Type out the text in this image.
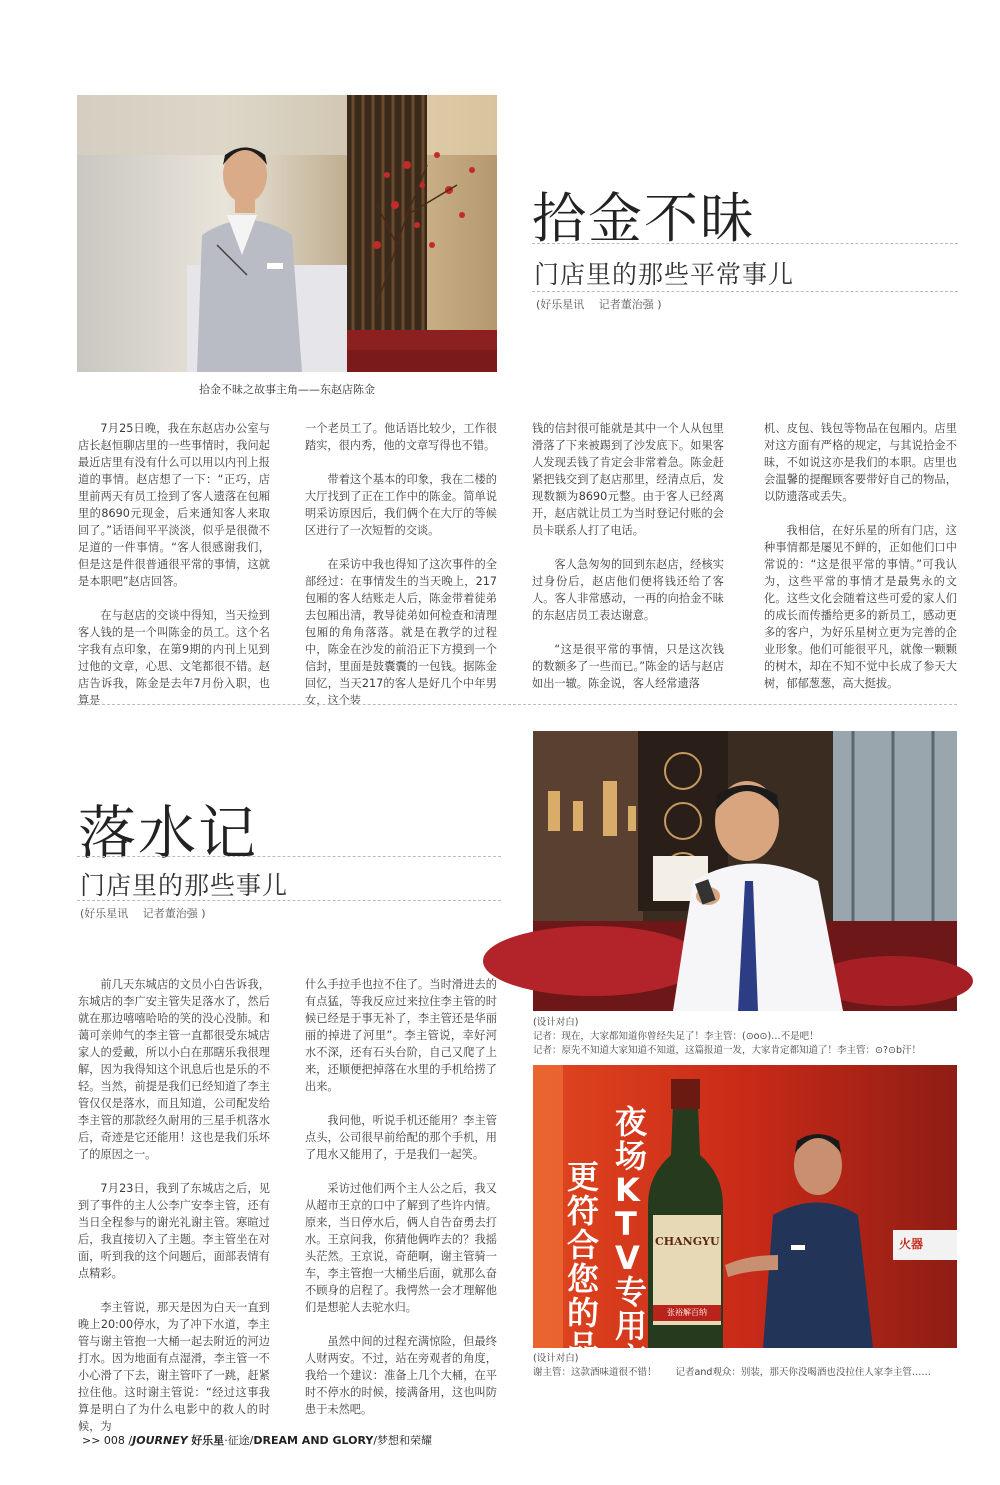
拾金不昧之故事主角——东赵店陈金
拾金不昧
门店里的那些平常事儿
(好乐星讯　 记者董治强 )

7月25日晚，我在东赵店办公室与店长赵恒聊店里的一些事情时，我问起最近店里有没有什么可以用以内刊上报道的事情。赵店想了一下：“正巧，店里前两天有员工捡到了客人遗落在包厢里的8690元现金，后来通知客人来取回了。”话语间平平淡淡，似乎是很微不足道的一件事情。“客人很感谢我们，但是这是件很普通很平常的事情，这就是本职吧”赵店回答。

在与赵店的交谈中得知，当天捡到客人钱的是一个叫陈金的员工。这个名字我有点印象，在第9期的内刊上见到过他的文章，心思、文笔都很不错。赵店告诉我，陈金是去年7月份入职，也算是

一个老员工了。他话语比较少，工作很踏实，很内秀，他的文章写得也不错。

带着这个基本的印象，我在二楼的大厅找到了正在工作中的陈金。简单说明采访原因后，我们俩个在大厅的等候区进行了一次短暂的交谈。

在采访中我也得知了这次事件的全部经过：在事情发生的当天晚上，217包厢的客人结账走人后，陈金带着徒弟去包厢出清，教导徒弟如何检查和清理包厢的角角落落。就是在教学的过程中，陈金在沙发的前沿正下方摸到一个信封，里面是鼓囊囊的一包钱。据陈金回忆，当天217的客人是好几个中年男女，这个装

钱的信封很可能就是其中一个人从包里滑落了下来被踢到了沙发底下。如果客人发现丢钱了肯定会非常着急。陈金赶紧把钱交到了赵店那里，经清点后，发现数额为8690元整。由于客人已经离开，赵店就让员工为当时登记付账的会员卡联系人打了电话。

客人急匆匆的回到东赵店，经核实过身份后，赵店他们便将钱还给了客人。客人非常感动，一再的向拾金不昧的东赵店员工表达谢意。

“这是很平常的事情，只是这次钱的数额多了一些而已。”陈金的话与赵店如出一辙。陈金说，客人经常遗落

机、皮包、钱包等物品在包厢内。店里对这方面有严格的规定，与其说拾金不昧，不如说这亦是我们的本职。店里也会温馨的提醒顾客要带好自己的物品，以防遗落或丢失。

我相信，在好乐星的所有门店，这种事情都是屡见不鲜的，正如他们口中常说的：“这是很平常的事情。”可我认为，这些平常的事情才是最隽永的文化。这些文化会随着这些可爱的家人们的成长而传播给更多的新员工，感动更多的客户，为好乐星树立更为完善的企业形象。他们可能很平凡，就像一颗颗的树木，却在不知不觉中长成了参天大树，郁郁葱葱，高大挺拔。

落水记
门店里的那些事儿
(好乐星讯　 记者董治强 )

前几天东城店的文员小白告诉我，东城店的李广安主管失足落水了，然后就在那边嘻嘻哈哈的笑的没心没肺。和蔼可亲帅气的李主管一直都很受东城店家人的爱戴，所以小白在那瞎乐我很理解，因为我得知这个讯息后也是乐的不轻。当然，前提是我们已经知道了李主管仅仅是落水，而且知道，公司配发给李主管的那款经久耐用的三星手机落水后，奇迹是它还能用！这也是我们乐坏了的原因之一。

7月23日，我到了东城店之后，见到了事件的主人公李广安李主管，还有当日全程参与的谢光礼谢主管。寒暄过后，我直接切入了主题。李主管坐在对面，听到我的这个问题后，面部表情有点精彩。

李主管说，那天是因为白天一直到晚上20:00停水，为了冲下水道，李主管与谢主管抱一大桶一起去附近的河边打水。因为地面有点湿滑，李主管一不小心滑了下去，谢主管吓了一跳，赶紧拉住他。这时谢主管说：“经过这事我算是明白了为什么电影中的救人的时候，为

什么手拉手也拉不住了。当时滑进去的有点猛，等我反应过来拉住李主管的时候已经是于事无补了，李主管还是华丽丽的掉进了河里”。李主管说，幸好河水不深，还有石头台阶，自己又爬了上来，还顺便把掉落在水里的手机给捞了出来。

我问他，听说手机还能用？李主管点头，公司很早前给配的那个手机，用了甩水又能用了，于是我们一起笑。

采访过他们两个主人公之后，我又从超市王京的口中了解到了些许内情。原来，当日停水后，俩人自告奋勇去打水。王京问我，你猜他俩咋去的？我摇头茫然。王京说，奇葩啊，谢主管骑一车，李主管抱一大桶坐后面，就那么奋不顾身的启程了。我愕然一会才理解他们是想驼人去驼水归。

虽然中间的过程充满惊险，但最终人财两安。不过，站在旁观者的角度，我给一个建议：准备上几个大桶，在平时不停水的时候，接满备用，这也叫防患于未然吧。

(设计对白)
记者：现在，大家都知道你曾经失足了！李主管：(⊙o⊙)…不是吧！
记者：原先不知道大家知道不知道，这篇报道一发，大家肯定都知道了！李主管：⊙?⊙b汗！
夜场KTV专用产
更符合您的品
CHANGYU
张裕解百纳
火器
(设计对白)
谢主管：这款酒味道很不错！　　记者and观众：别装，那天你没喝酒也没拉住人家李主管……
>> 008 /JOURNEY 好乐星·征途/DREAM AND GLORY/梦想和荣耀
